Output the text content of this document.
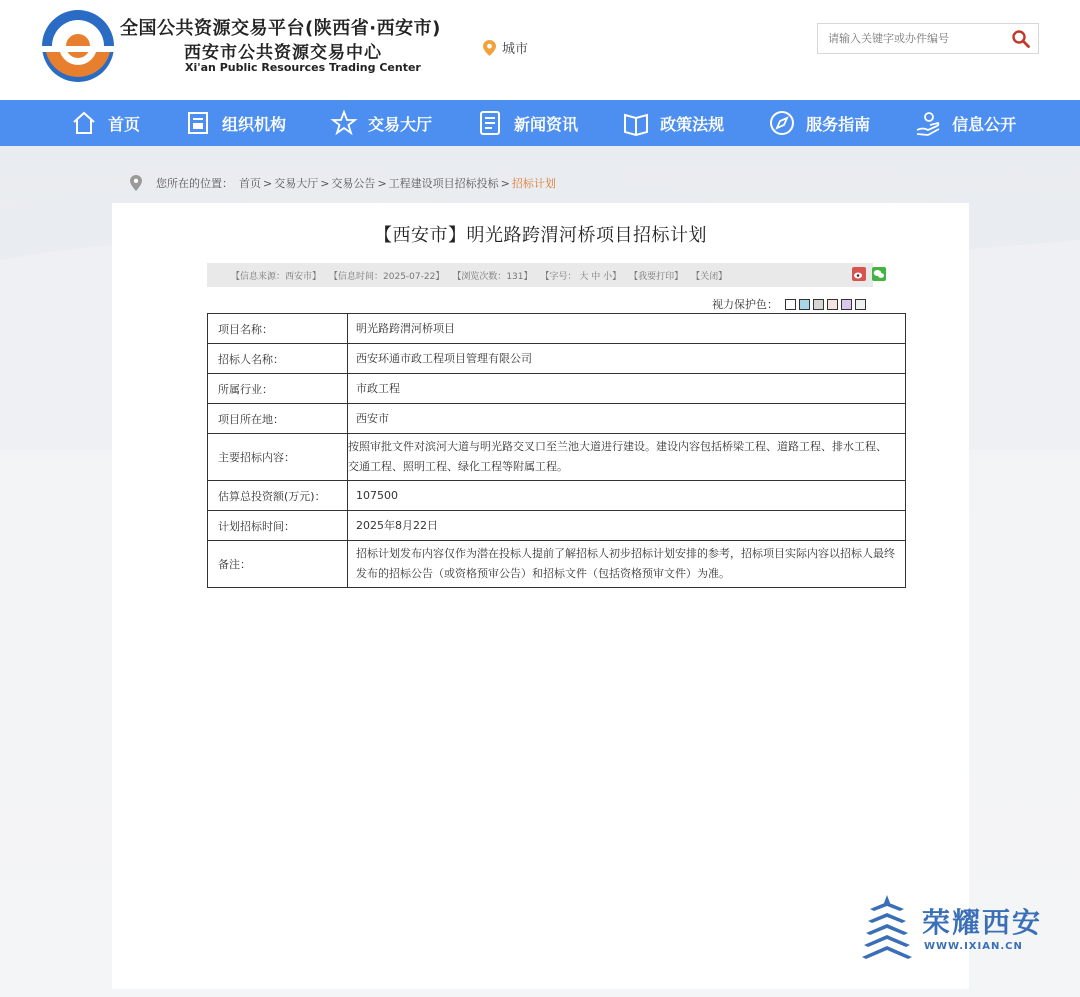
全国公共资源交易平台(陕西省·西安市)
西安市公共资源交易中心
Xi'an Public Resources Trading Center
城市
请输入关键字或办件编号
首页	组织机构	交易大厅	新闻资讯	政策法规	服务指南	信息公开
您所在的位置： 首页 > 交易大厅 > 交易公告 > 工程建设项目招标投标 > 招标计划
【西安市】明光路跨渭河桥项目招标计划
【信息来源：西安市】 【信息时间：2025-07-22】 【浏览次数：131】 【字号： 大 中 小】 【我要打印】 【关闭】
视力保护色：
项目名称：	明光路跨渭河桥项目
招标人名称：	西安环通市政工程项目管理有限公司
所属行业：	市政工程
项目所在地：	西安市
主要招标内容：	按照审批文件对滨河大道与明光路交叉口至兰池大道进行建设。建设内容包括桥梁工程、道路工程、排水工程、交通工程、照明工程、绿化工程等附属工程。
估算总投资额(万元)：	107500
计划招标时间：	2025年8月22日
备注：	招标计划发布内容仅作为潜在投标人提前了解招标人初步招标计划安排的参考，招标项目实际内容以招标人最终发布的招标公告（或资格预审公告）和招标文件（包括资格预审文件）为准。
荣耀西安
WWW.IXIAN.CN
